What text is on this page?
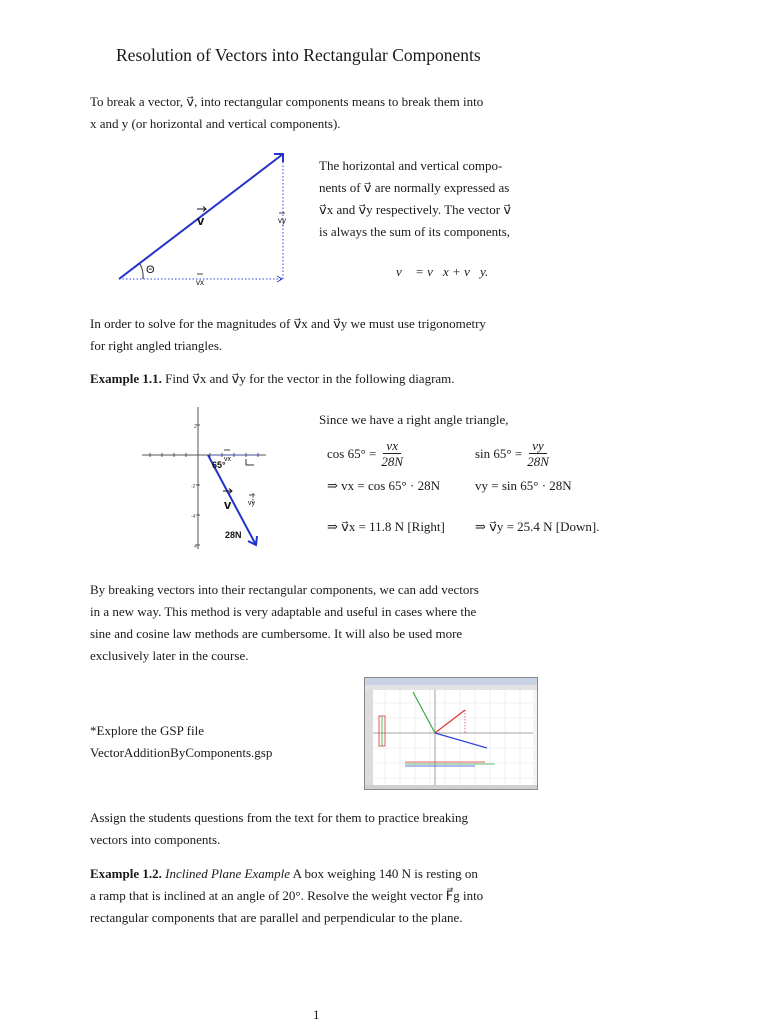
Resolution of Vectors into Rectangular Components
To break a vector, v⃗, into rectangular components means to break them into
x and y (or horizontal and vertical components).
Θ
v	vy
vx
The horizontal and vertical compo-
nents of v⃗ are normally expressed as
v⃗x and v⃗y respectively. The vector v⃗
is always the sum of its components,
v⃗ = v⃗x + v⃗y.
In order to solve for the magnitudes of v⃗x and v⃗y we must use trigonometry
for right angled triangles.
Example 1.1. Find v⃗x and v⃗y for the vector in the following diagram.
2
-2
-4
4
65°
vx
v vy
28N
Since we have a right angle triangle,
$\cos 65^\circ = \frac{vx}{28N}$	$\sin 65^\circ = \frac{vy}{28N}$
⇒ vx = cos 65° · 28N	vy = sin 65° · 28N
⇒ v⃗x = 11.8 N [Right] ⇒ v⃗y = 25.4 N [Down].
By breaking vectors into their rectangular components, we can add vectors
in a new way. This method is very adaptable and useful in cases where the
sine and cosine law methods are cumbersome. It will also be used more
exclusively later in the course.
*Explore the GSP file
VectorAdditionByComponents.gsp
Assign the students questions from the text for them to practice breaking
vectors into components.
Example 1.2. Inclined Plane Example A box weighing 140 N is resting on
a ramp that is inclined at an angle of 20°. Resolve the weight vector F⃗g into
rectangular components that are parallel and perpendicular to the plane.
1
